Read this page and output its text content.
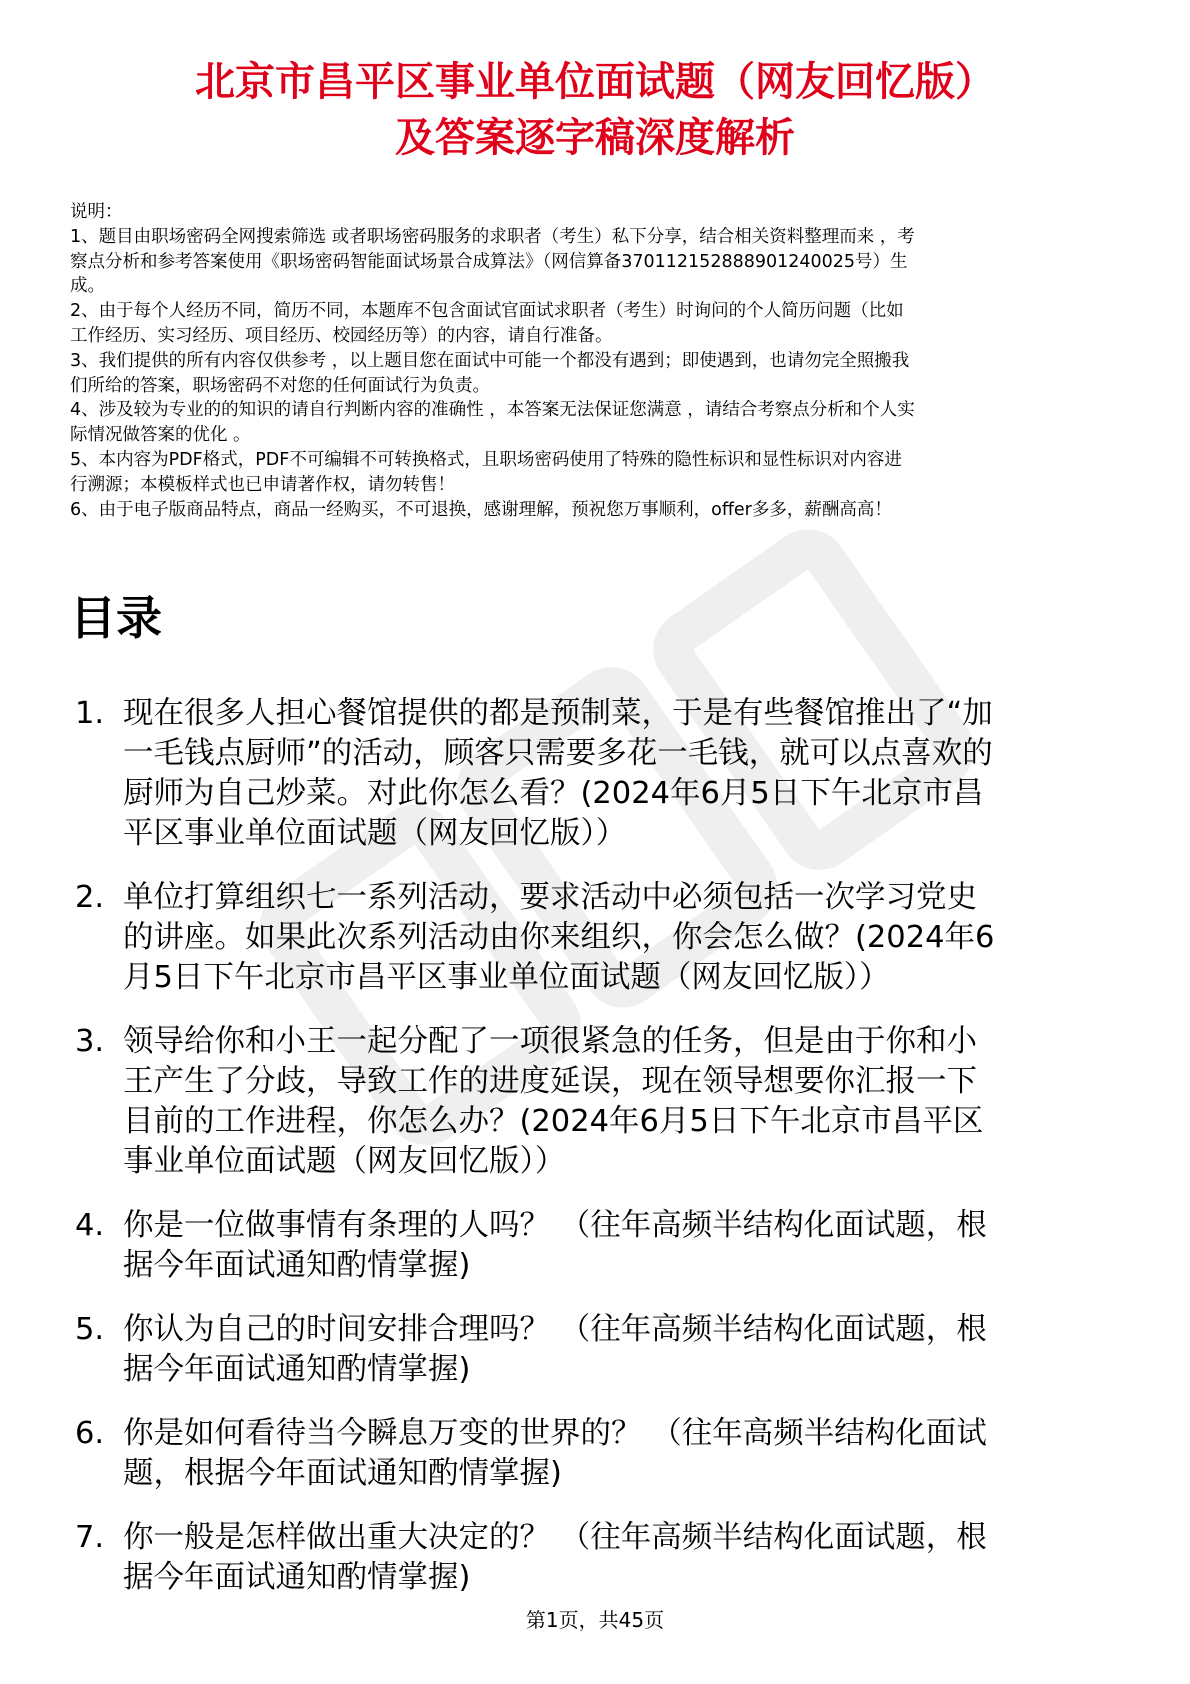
北京市昌平区事业单位面试题（网友回忆版）
及答案逐字稿深度解析
说明：
1、题目由职场密码全网搜索筛选 或者职场密码服务的求职者（考生）私下分享，结合相关资料整理而来 ，考
察点分析和参考答案使用《职场密码智能面试场景合成算法》（网信算备370112152888901240025号）生
成。
2、由于每个人经历不同，简历不同，本题库不包含面试官面试求职者（考生）时询问的个人简历问题（比如
工作经历、实习经历、项目经历、校园经历等）的内容，请自行准备。
3、我们提供的所有内容仅供参考 ，以上题目您在面试中可能一个都没有遇到；即使遇到，也请勿完全照搬我
们所给的答案，职场密码不对您的任何面试行为负责。
4、涉及较为专业的的知识的请自行判断内容的准确性 ，本答案无法保证您满意 ，请结合考察点分析和个人实
际情况做答案的优化 。
5、本内容为PDF格式，PDF不可编辑不可转换格式，且职场密码使用了特殊的隐性标识和显性标识对内容进
行溯源；本模板样式也已申请著作权，请勿转售！
6、由于电子版商品特点，商品一经购买，不可退换，感谢理解，预祝您万事顺利，offer多多，薪酬高高！
目录
1. 现在很多人担心餐馆提供的都是预制菜，于是有些餐馆推出了“加
一毛钱点厨师”的活动，顾客只需要多花一毛钱，就可以点喜欢的
厨师为自己炒菜。对此你怎么看？(2024年6月5日下午北京市昌
平区事业单位面试题（网友回忆版））
2. 单位打算组织七一系列活动，要求活动中必须包括一次学习党史
的讲座。如果此次系列活动由你来组织，你会怎么做？(2024年6
月5日下午北京市昌平区事业单位面试题（网友回忆版））
3. 领导给你和小王一起分配了一项很紧急的任务，但是由于你和小
王产生了分歧，导致工作的进度延误，现在领导想要你汇报一下
目前的工作进程，你怎么办？(2024年6月5日下午北京市昌平区
事业单位面试题（网友回忆版））
4. 你是一位做事情有条理的人吗？ （往年高频半结构化面试题，根
据今年面试通知酌情掌握)
5. 你认为自己的时间安排合理吗？ （往年高频半结构化面试题，根
据今年面试通知酌情掌握)
6. 你是如何看待当今瞬息万变的世界的？ （往年高频半结构化面试
题，根据今年面试通知酌情掌握)
7. 你一般是怎样做出重大决定的？ （往年高频半结构化面试题，根
据今年面试通知酌情掌握)
第1页，共45页
